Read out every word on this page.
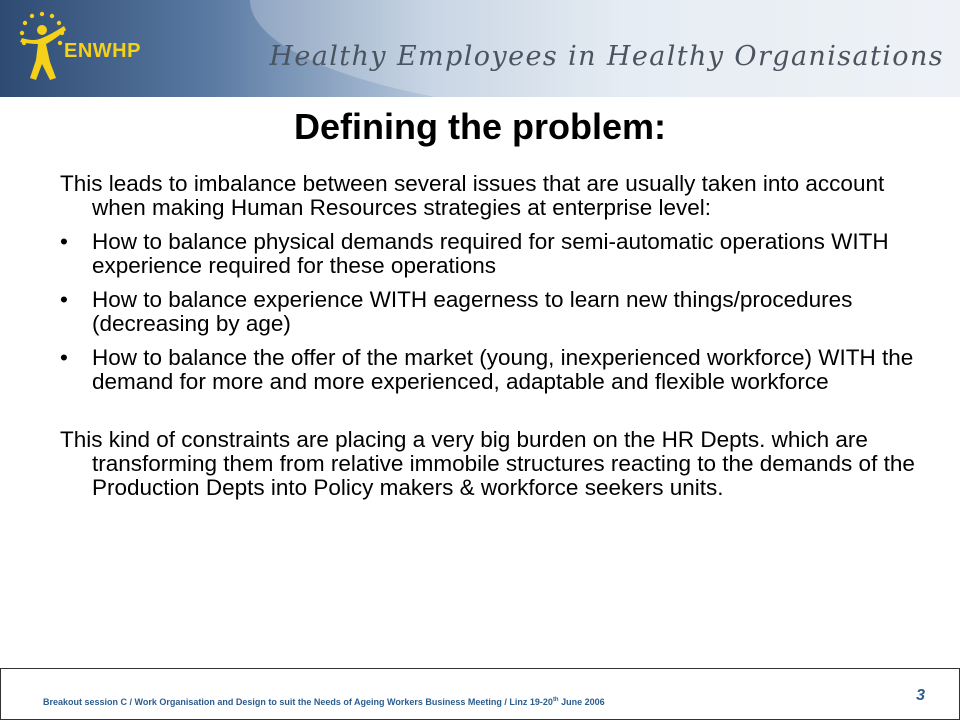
ENWHP	Healthy Employees in Healthy Organisations
Defining the problem:

This leads to imbalance between several issues that are usually taken into account when making Human Resources strategies at enterprise level:

• How to balance physical demands required for semi-automatic operations WITH experience required for these operations
• How to balance experience WITH eagerness to learn new things/procedures (decreasing by age)
• How to balance the offer of the market (young, inexperienced workforce) WITH the demand for more and more experienced, adaptable and flexible workforce

This kind of constraints are placing a very big burden on the HR Depts. which are transforming them from relative immobile structures reacting to the demands of the Production Depts into Policy makers & workforce seekers units.

Breakout session C / Work Organisation and Design to suit the Needs of Ageing Workers Business Meeting / Linz 19-20th June 2006	3
